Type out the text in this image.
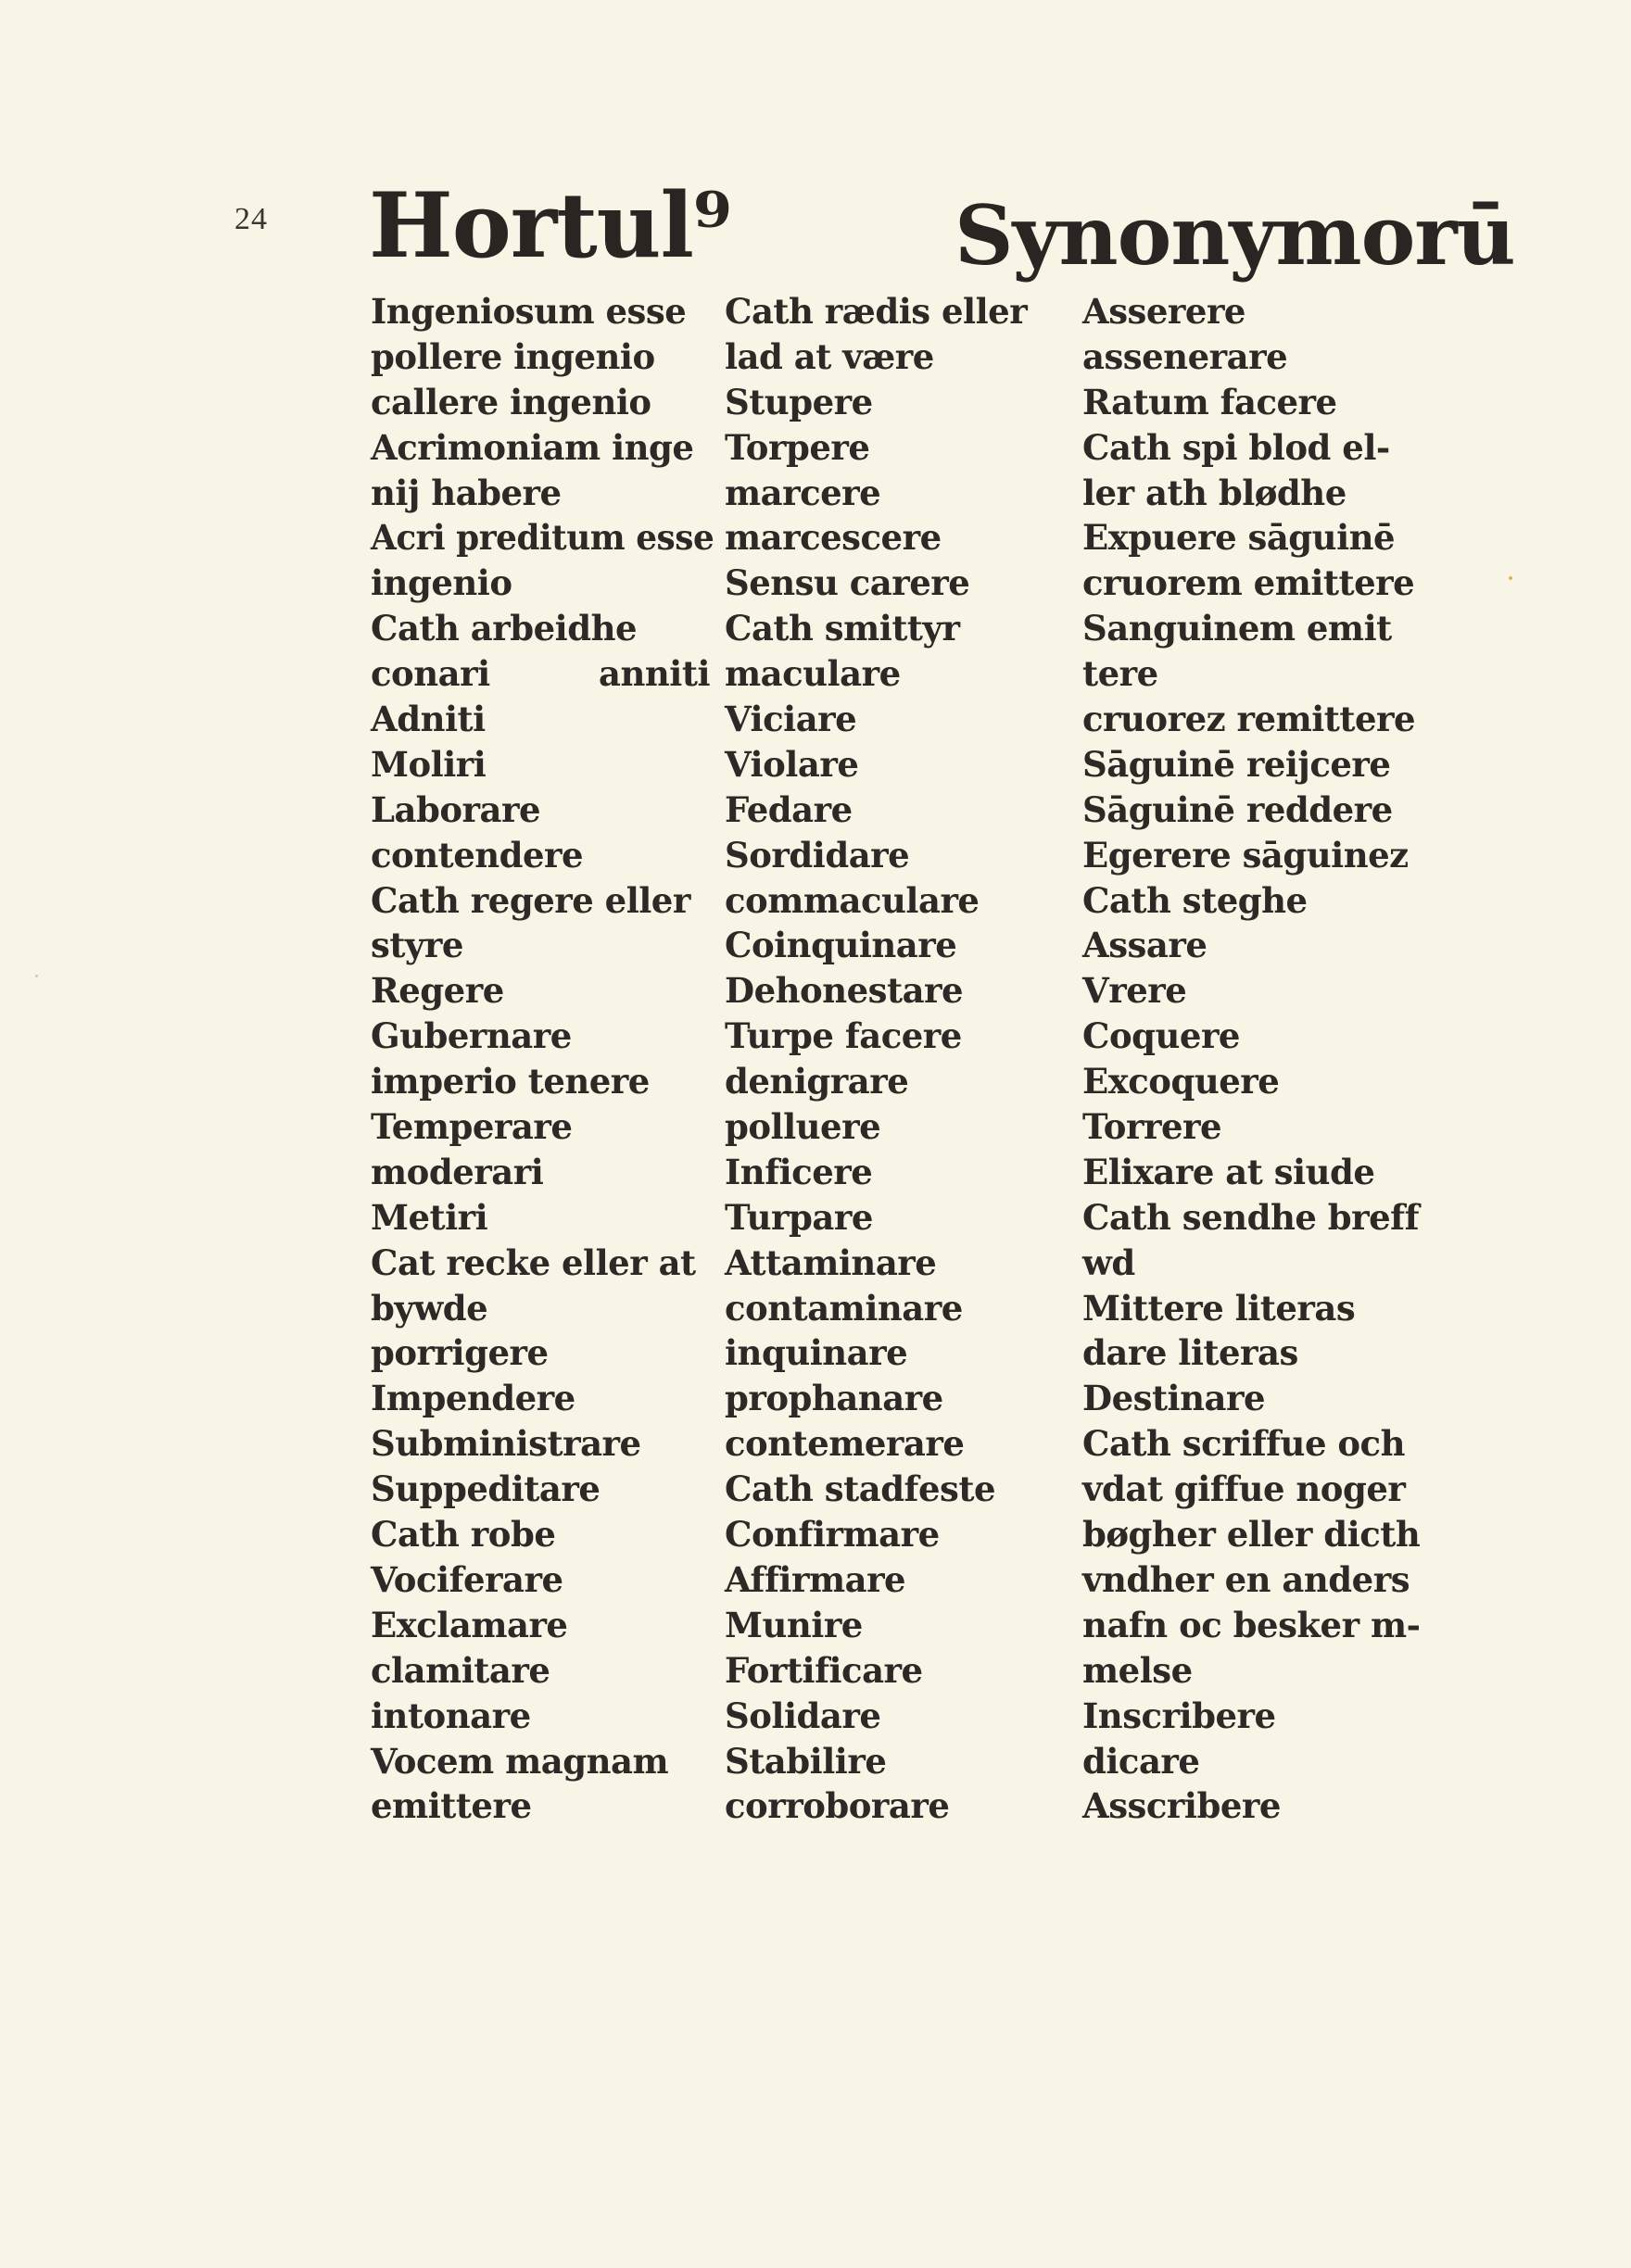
24 Hortul⁹	Synonymorū
Ingeniosum esse
pollere ingenio
callere ingenio
Acrimoniam inge
nij habere
Acri preditum esse
ingenio
Cath arbeidhe
conari	anniti
Adniti
Moliri
Laborare
contendere
Cath regere eller
styre
Regere
Gubernare
imperio tenere
Temperare
moderari
Metiri
Cat recke eller at
bywde
porrigere
Impendere
Subministrare
Suppeditare
Cath robe
Vociferare
Exclamare
clamitare
intonare
Vocem magnam
emittere
Cath rædis eller
lad at være
Stupere
Torpere
marcere
marcescere
Sensu carere
Cath smittyr
maculare
Viciare
Violare
Fedare
Sordidare
commaculare
Coinquinare
Dehonestare
Turpe facere
denigrare
polluere
Inficere
Turpare
Attaminare
contaminare
inquinare
prophanare
contemerare
Cath stadfeste
Confirmare
Affirmare
Munire
Fortificare
Solidare
Stabilire
corroborare
Asserere
assenerare
Ratum facere
Cath spi blod el-
ler ath blødhe
Expuere sāguinē
cruorem emittere
Sanguinem emit
tere
cruorez remittere
Sāguinē reijcere
Sāguinē reddere
Egerere sāguinez
Cath steghe
Assare
Vrere
Coquere
Excoquere
Torrere
Elixare at siude
Cath sendhe breff
wd
Mittere literas
dare literas
Destinare
Cath scriffue och
vdat giffue noger
bøgher eller dicth
vndher en anders
nafn oc besker m-
melse
Inscribere
dicare
Asscribere
